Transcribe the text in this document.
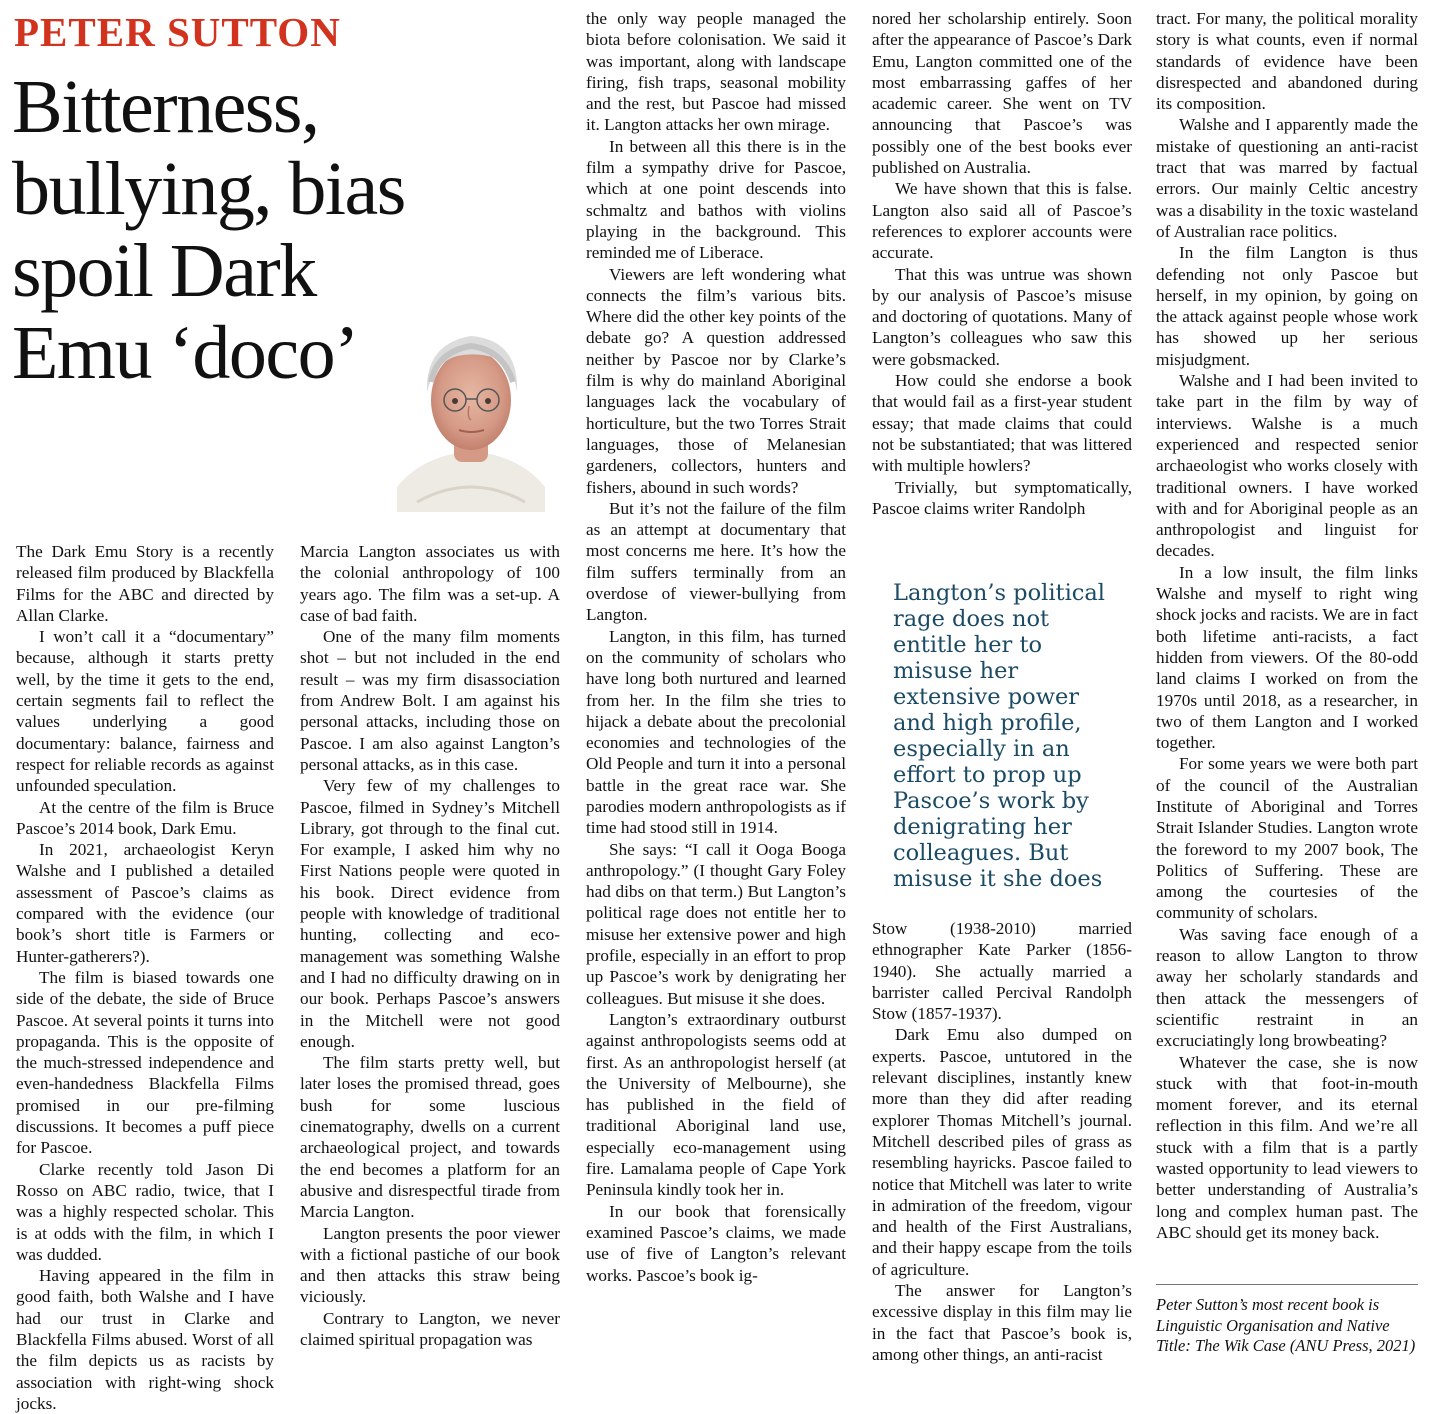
PETER SUTTON
Bitterness,
bullying, bias
spoil Dark
Emu ‘doco’

The Dark Emu Story is a recently released film produced by Blackfella Films for the ABC and directed by Allan Clarke.

I won’t call it a “documentary” because, although it starts pretty well, by the time it gets to the end, certain segments fail to reflect the values underlying a good documentary: balance, fairness and respect for reliable records as against unfounded speculation.

At the centre of the film is Bruce Pascoe’s 2014 book, Dark Emu.

In 2021, archaeologist Keryn Walshe and I published a detailed assessment of Pascoe’s claims as compared with the evidence (our book’s short title is Farmers or Hunter-gatherers?).

The film is biased towards one side of the debate, the side of Bruce Pascoe. At several points it turns into propaganda. This is the opposite of the much-stressed independence and even-handedness Blackfella Films promised in our pre-filming discussions. It becomes a puff piece for Pascoe.

Clarke recently told Jason Di Rosso on ABC radio, twice, that I was a highly respected scholar. This is at odds with the film, in which I was dudded.

Having appeared in the film in good faith, both Walshe and I have had our trust in Clarke and Blackfella Films abused. Worst of all the film depicts us as racists by association with right-wing shock jocks.

Marcia Langton associates us with the colonial anthropology of 100 years ago. The film was a set-up. A case of bad faith.

One of the many film moments shot – but not included in the end result – was my firm disassociation from Andrew Bolt. I am against his personal attacks, including those on Pascoe. I am also against Langton’s personal attacks, as in this case.

Very few of my challenges to Pascoe, filmed in Sydney’s Mitchell Library, got through to the final cut. For example, I asked him why no First Nations people were quoted in his book. Direct evidence from people with knowledge of traditional hunting, collecting and eco-management was something Walshe and I had no difficulty drawing on in our book. Perhaps Pascoe’s answers in the Mitchell were not good enough.

The film starts pretty well, but later loses the promised thread, goes bush for some luscious cinematography, dwells on a current archaeological project, and towards the end becomes a platform for an abusive and disrespectful tirade from Marcia Langton.

Langton presents the poor viewer with a fictional pastiche of our book and then attacks this straw being viciously.

Contrary to Langton, we never claimed spiritual propagation was

the only way people managed the biota before colonisation. We said it was important, along with landscape firing, fish traps, seasonal mobility and the rest, but Pascoe had missed it. Langton attacks her own mirage.

In between all this there is in the film a sympathy drive for Pascoe, which at one point descends into schmaltz and bathos with violins playing in the background. This reminded me of Liberace.

Viewers are left wondering what connects the film’s various bits. Where did the other key points of the debate go? A question addressed neither by Pascoe nor by Clarke’s film is why do mainland Aboriginal languages lack the vocabulary of horticulture, but the two Torres Strait languages, those of Melanesian gardeners, collectors, hunters and fishers, abound in such words?

But it’s not the failure of the film as an attempt at documentary that most concerns me here. It’s how the film suffers terminally from an overdose of viewer-bullying from Langton.

Langton, in this film, has turned on the community of scholars who have long both nurtured and learned from her. In the film she tries to hijack a debate about the precolonial economies and technologies of the Old People and turn it into a personal battle in the great race war. She parodies modern anthropologists as if time had stood still in 1914.

She says: “I call it Ooga Booga anthropology.” (I thought Gary Foley had dibs on that term.) But Langton’s political rage does not entitle her to misuse her extensive power and high profile, especially in an effort to prop up Pascoe’s work by denigrating her colleagues. But misuse it she does.

Langton’s extraordinary outburst against anthropologists seems odd at first. As an anthropologist herself (at the University of Melbourne), she has published in the field of traditional Aboriginal land use, especially eco-management using fire. Lamalama people of Cape York Peninsula kindly took her in.

In our book that forensically examined Pascoe’s claims, we made use of five of Langton’s relevant works. Pascoe’s book ig-

nored her scholarship entirely. Soon after the appearance of Pascoe’s Dark Emu, Langton committed one of the most embarrassing gaffes of her academic career. She went on TV announcing that Pascoe’s was possibly one of the best books ever published on Australia.

We have shown that this is false. Langton also said all of Pascoe’s references to explorer accounts were accurate.

That this was untrue was shown by our analysis of Pascoe’s misuse and doctoring of quotations. Many of Langton’s colleagues who saw this were gobsmacked.

How could she endorse a book that would fail as a first-year student essay; that made claims that could not be substantiated; that was littered with multiple howlers?

Trivially, but symptomatically, Pascoe claims writer Randolph

Langton’s political rage does not entitle her to misuse her extensive power and high profile, especially in an effort to prop up Pascoe’s work by denigrating her colleagues. But misuse it she does

Stow (1938-2010) married ethnographer Kate Parker (1856-1940). She actually married a barrister called Percival Randolph Stow (1857-1937).

Dark Emu also dumped on experts. Pascoe, untutored in the relevant disciplines, instantly knew more than they did after reading explorer Thomas Mitchell’s journal. Mitchell described piles of grass as resembling hayricks. Pascoe failed to notice that Mitchell was later to write in admiration of the freedom, vigour and health of the First Australians, and their happy escape from the toils of agriculture.

The answer for Langton’s excessive display in this film may lie in the fact that Pascoe’s book is, among other things, an anti-racist

tract. For many, the political morality story is what counts, even if normal standards of evidence have been disrespected and abandoned during its composition.

Walshe and I apparently made the mistake of questioning an anti-racist tract that was marred by factual errors. Our mainly Celtic ancestry was a disability in the toxic wasteland of Australian race politics.

In the film Langton is thus defending not only Pascoe but herself, in my opinion, by going on the attack against people whose work has showed up her serious misjudgment.

Walshe and I had been invited to take part in the film by way of interviews. Walshe is a much experienced and respected senior archaeologist who works closely with traditional owners. I have worked with and for Aboriginal people as an anthropologist and linguist for decades.

In a low insult, the film links Walshe and myself to right wing shock jocks and racists. We are in fact both lifetime anti-racists, a fact hidden from viewers. Of the 80-odd land claims I worked on from the 1970s until 2018, as a researcher, in two of them Langton and I worked together.

For some years we were both part of the council of the Australian Institute of Aboriginal and Torres Strait Islander Studies. Langton wrote the foreword to my 2007 book, The Politics of Suffering. These are among the courtesies of the community of scholars.

Was saving face enough of a reason to allow Langton to throw away her scholarly standards and then attack the messengers of scientific restraint in an excruciatingly long browbeating?

Whatever the case, she is now stuck with that foot-in-mouth moment forever, and its eternal reflection in this film. And we’re all stuck with a film that is a partly wasted opportunity to lead viewers to better understanding of Australia’s long and complex human past. The ABC should get its money back.

Peter Sutton’s most recent book is Linguistic Organisation and Native Title: The Wik Case (ANU Press, 2021)
